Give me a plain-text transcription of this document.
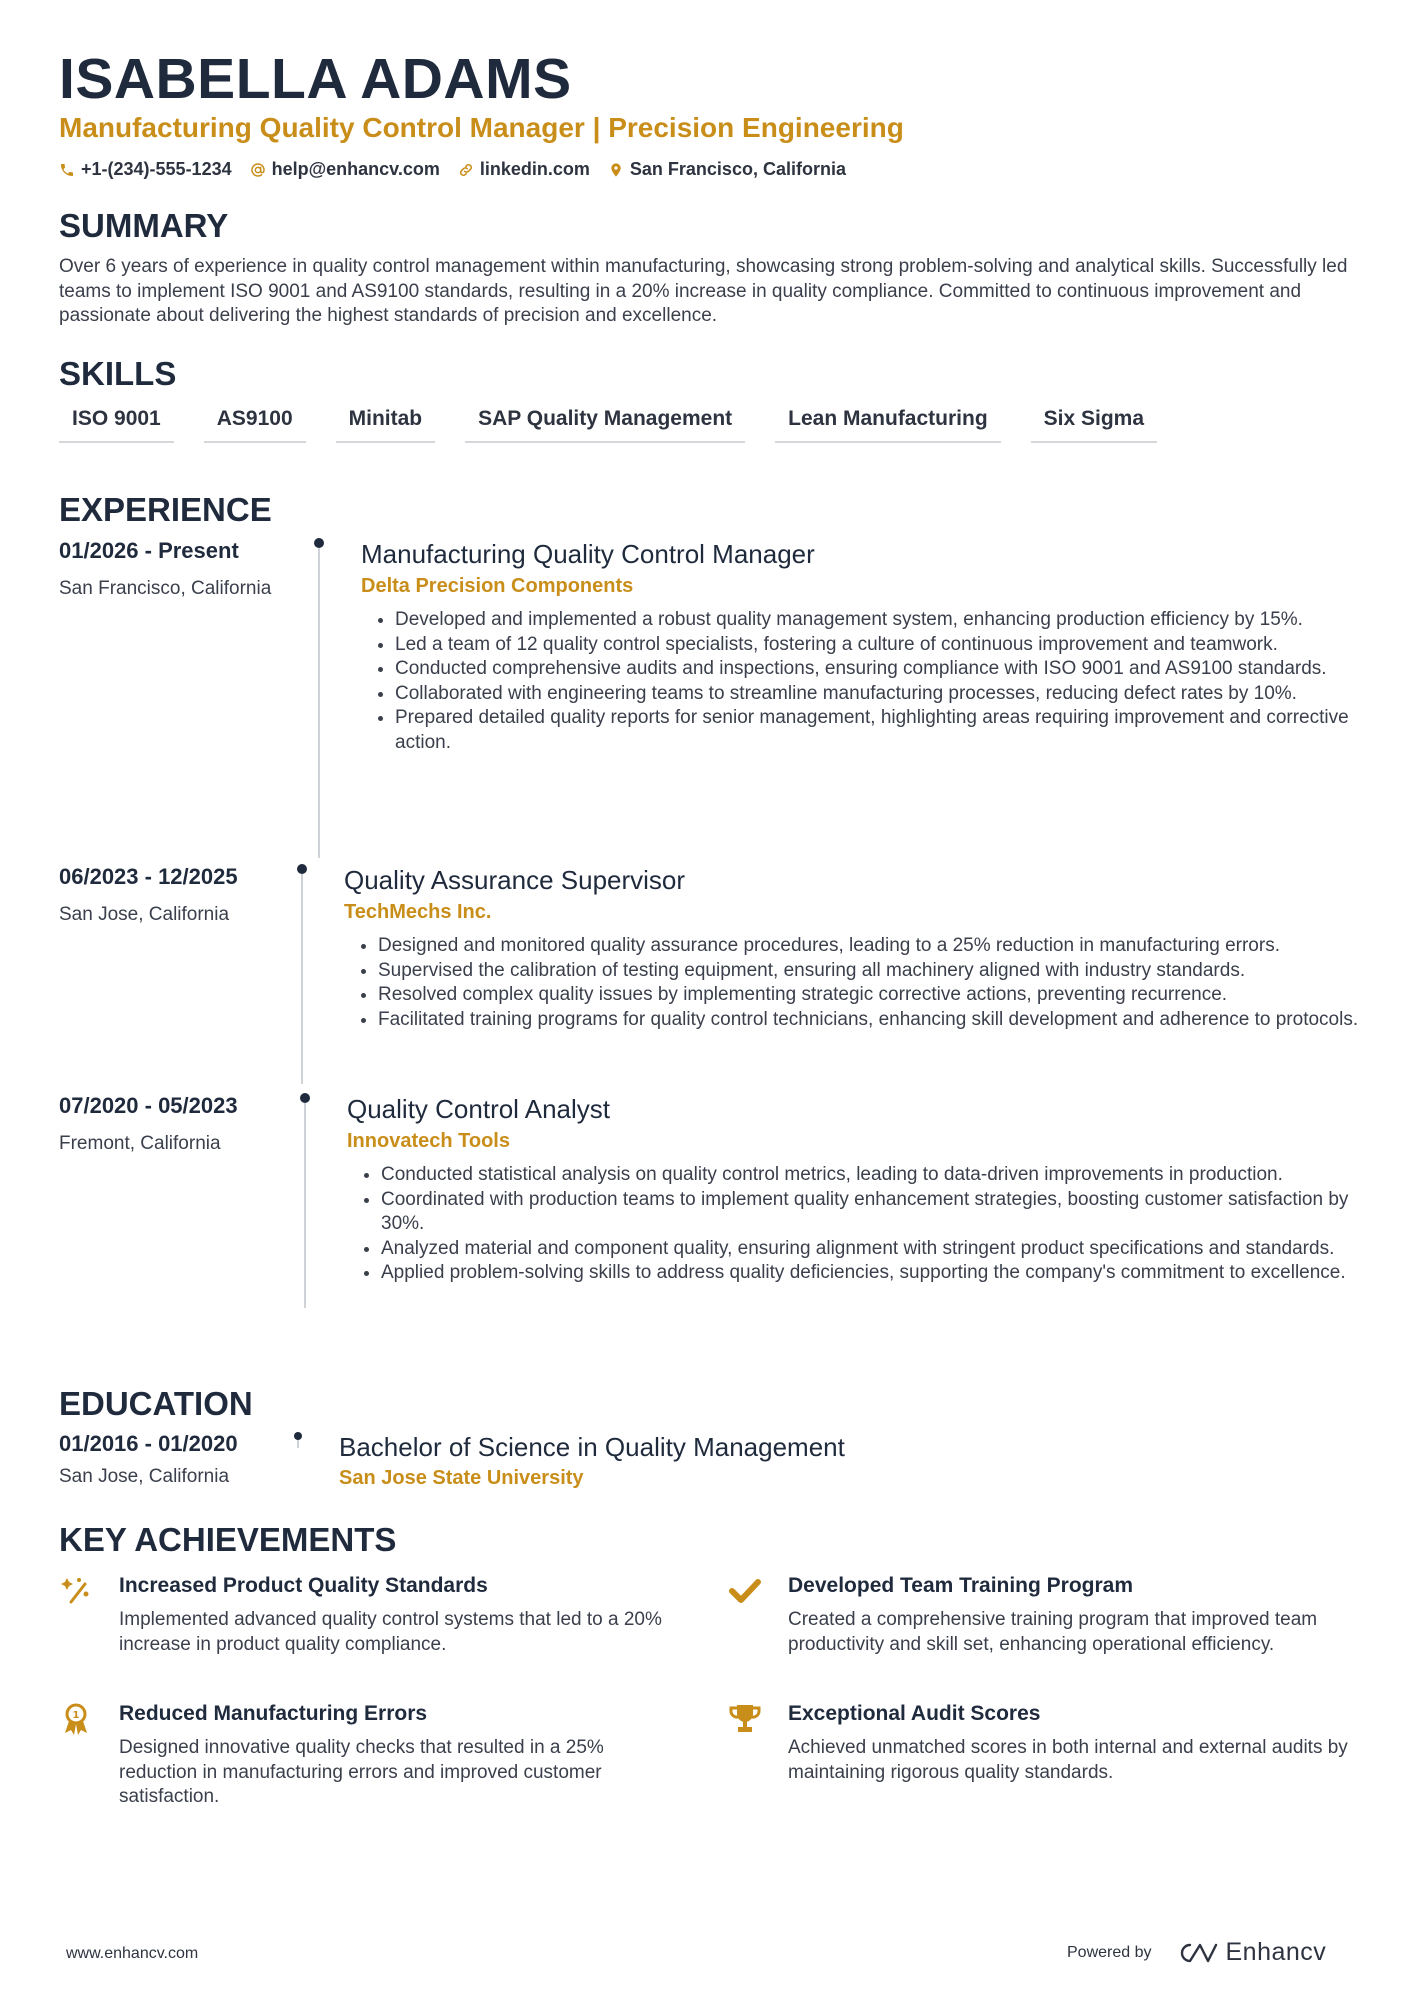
ISABELLA ADAMS
Manufacturing Quality Control Manager | Precision Engineering
+1-(234)-555-1234 help@enhancv.com linkedin.com San Francisco, California
SUMMARY
Over 6 years of experience in quality control management within manufacturing, showcasing strong problem-solving and analytical skills. Successfully led teams to implement ISO 9001 and AS9100 standards, resulting in a 20% increase in quality compliance. Committed to continuous improvement and passionate about delivering the highest standards of precision and excellence.
SKILLS
ISO 9001	AS9100	Minitab	SAP Quality Management	Lean Manufacturing	Six Sigma
EXPERIENCE
01/2026 - Present
San Francisco, California
Manufacturing Quality Control Manager
Delta Precision Components
• Developed and implemented a robust quality management system, enhancing production efficiency by 15%.
• Led a team of 12 quality control specialists, fostering a culture of continuous improvement and teamwork.
• Conducted comprehensive audits and inspections, ensuring compliance with ISO 9001 and AS9100 standards.
• Collaborated with engineering teams to streamline manufacturing processes, reducing defect rates by 10%.
• Prepared detailed quality reports for senior management, highlighting areas requiring improvement and corrective action.
06/2023 - 12/2025
San Jose, California
Quality Assurance Supervisor
TechMechs Inc.
• Designed and monitored quality assurance procedures, leading to a 25% reduction in manufacturing errors.
• Supervised the calibration of testing equipment, ensuring all machinery aligned with industry standards.
• Resolved complex quality issues by implementing strategic corrective actions, preventing recurrence.
• Facilitated training programs for quality control technicians, enhancing skill development and adherence to protocols.
07/2020 - 05/2023
Fremont, California
Quality Control Analyst
Innovatech Tools
• Conducted statistical analysis on quality control metrics, leading to data-driven improvements in production.
• Coordinated with production teams to implement quality enhancement strategies, boosting customer satisfaction by 30%.
• Analyzed material and component quality, ensuring alignment with stringent product specifications and standards.
• Applied problem-solving skills to address quality deficiencies, supporting the company's commitment to excellence.
EDUCATION
01/2016 - 01/2020
San Jose, California
Bachelor of Science in Quality Management
San Jose State University
KEY ACHIEVEMENTS
Increased Product Quality Standards
Implemented advanced quality control systems that led to a 20% increase in product quality compliance.
Developed Team Training Program
Created a comprehensive training program that improved team productivity and skill set, enhancing operational efficiency.
1 Reduced Manufacturing Errors
Designed innovative quality checks that resulted in a 25% reduction in manufacturing errors and improved customer satisfaction.
Exceptional Audit Scores
Achieved unmatched scores in both internal and external audits by maintaining rigorous quality standards.
www.enhancv.com	Powered by	Enhancv
